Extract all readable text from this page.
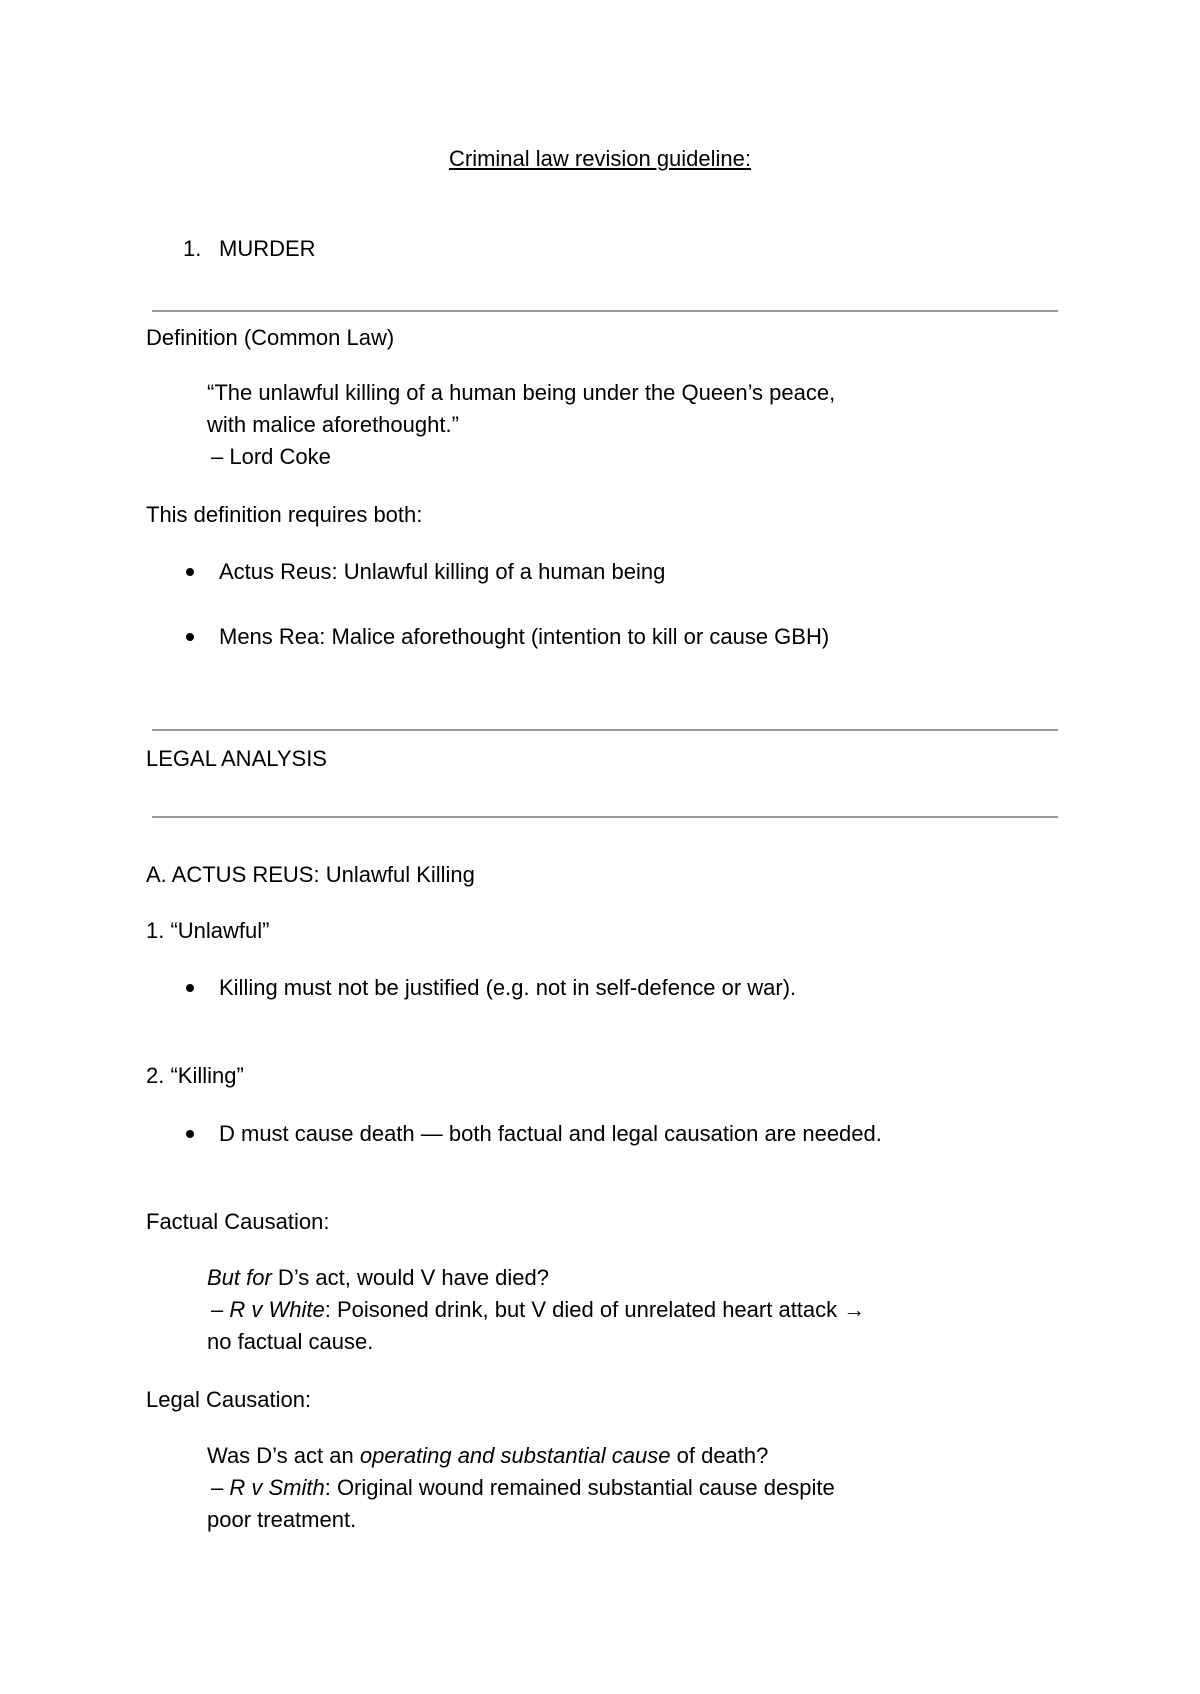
Criminal law revision guideline:
1. MURDER
Definition (Common Law)
“The unlawful killing of a human being under the Queen’s peace,
with malice aforethought.”
– Lord Coke
This definition requires both:
Actus Reus: Unlawful killing of a human being
Mens Rea: Malice aforethought (intention to kill or cause GBH)
LEGAL ANALYSIS
A. ACTUS REUS: Unlawful Killing
1. “Unlawful”
Killing must not be justified (e.g. not in self-defence or war).
2. “Killing”
D must cause death — both factual and legal causation are needed.
Factual Causation:
But for D’s act, would V have died?
– R v White: Poisoned drink, but V died of unrelated heart attack →
no factual cause.
Legal Causation:
Was D’s act an operating and substantial cause of death?
– R v Smith: Original wound remained substantial cause despite
poor treatment.
